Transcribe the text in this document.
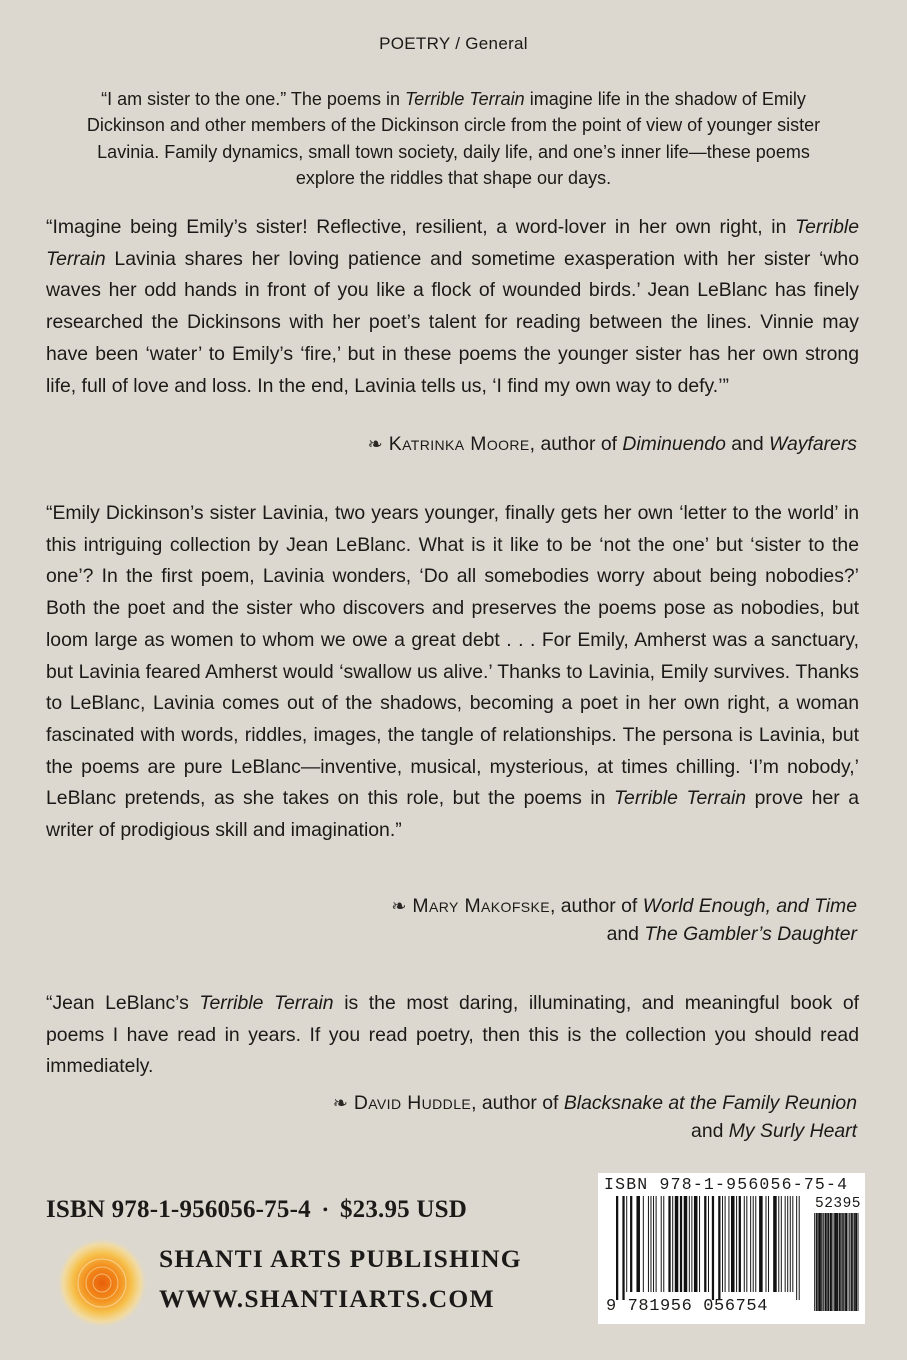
POETRY / General
“I am sister to the one.” The poems in Terrible Terrain imagine life in the shadow of Emily Dickinson and other members of the Dickinson circle from the point of view of younger sister Lavinia. Family dynamics, small town society, daily life, and one’s inner life—these poems explore the riddles that shape our days.
“Imagine being Emily’s sister! Reflective, resilient, a word-lover in her own right, in Terrible Terrain Lavinia shares her loving patience and sometime exasperation with her sister ‘who waves her odd hands in front of you like a flock of wounded birds.’ Jean LeBlanc has finely researched the Dickinsons with her poet’s talent for reading between the lines. Vinnie may have been ‘water’ to Emily’s ‘fire,’ but in these poems the younger sister has her own strong life, full of love and loss. In the end, Lavinia tells us, ‘I find my own way to defy.’”
❧ Katrinka Moore, author of Diminuendo and Wayfarers
“Emily Dickinson’s sister Lavinia, two years younger, finally gets her own ‘letter to the world’ in this intriguing collection by Jean LeBlanc. What is it like to be ‘not the one’ but ‘sister to the one’? In the first poem, Lavinia wonders, ‘Do all somebodies worry about being nobodies?’ Both the poet and the sister who discovers and preserves the poems pose as nobodies, but loom large as women to whom we owe a great debt . . . For Emily, Amherst was a sanctuary, but Lavinia feared Amherst would ‘swallow us alive.’ Thanks to Lavinia, Emily survives. Thanks to LeBlanc, Lavinia comes out of the shadows, becoming a poet in her own right, a woman fascinated with words, riddles, images, the tangle of relationships. The persona is Lavinia, but the poems are pure LeBlanc—inventive, musical, mysterious, at times chilling. ‘I’m nobody,’ LeBlanc pretends, as she takes on this role, but the poems in Terrible Terrain prove her a writer of prodigious skill and imagination.”
❧ Mary Makofske, author of World Enough, and Time
and The Gambler’s Daughter
“Jean LeBlanc’s Terrible Terrain is the most daring, illuminating, and meaningful book of poems I have read in years. If you read poetry, then this is the collection you should read immediately.
❧ David Huddle, author of Blacksnake at the Family Reunion
and My Surly Heart
ISBN 978-1-956056-75-4 • $23.95 USD
SHANTI ARTS PUBLISHING
WWW.SHANTIARTS.COM
ISBN 978-1-956056-75-4
52395
9 781956 056754
